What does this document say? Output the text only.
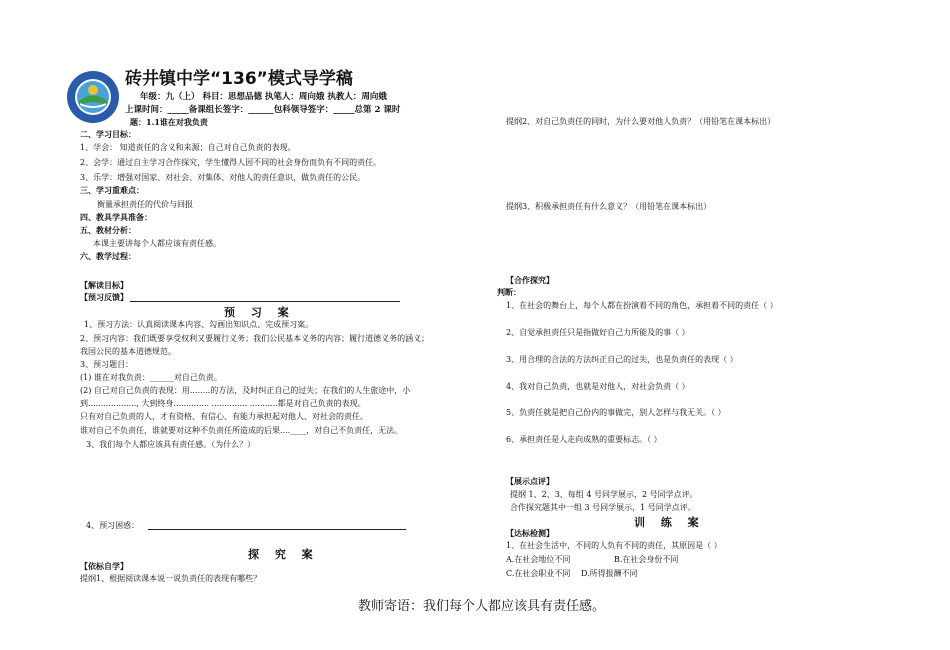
砖井镇中学“136”模式导学稿
年级：九（上） 科目：思想品德 执笔人：周向娥 执教人：周向娥
上课时间：_____备课组长签字：______包科领导签字：_____总第 2 课时
题：1.1谁在对我负责
二、学习目标：
1、学会： 知道责任的含义和来源；自己对自己负责的表现。
2、会学：通过自主学习合作探究，学生懂得人因不同的社会身份而负有不同的责任。
3、乐学：增强对国家、对社会、对集体、对他人的责任意识，做负责任的公民。
三、学习重难点：
衡量承担责任的代价与回报
四、教具学具准备：
五、教材分析：
本课主要讲每个人都应该有责任感。
六、教学过程：
【解读目标】
【预习反馈】
预 习 案
1、预习方法：认真阅读课本内容、勾画出知识点、完成预习案。
2、预习内容：我们既要享受权利又要履行义务；我们公民基本义务的内容；履行道德义务的涵义；
我国公民的基本道德规范。
3、预习题目：
(1) 谁在对我负责：______对自己负责。
(2) 自己对自己负责的表现：用........的方法，及时纠正自己的过失；在我们的人生旅途中，小
到..................., 大到终身.............. .............. ...........都是对自己负责的表现。
只有对自己负责的人，才有资格、有信心、有能力承担起对他人、对社会的责任。
谁对自己不负责任，谁就要对这种不负责任所造成的后果....____，对自己不负责任，无法。
3、我们每个人都应该具有责任感。（为什么？）
4、预习困惑：
探 究 案
【依标自学】
提纲1、根据阅读课本说一说负责任的表现有哪些？
提纲2、对自己负责任的同时，为什么要对他人负责？（用铅笔在课本标出）
提纲3、积极承担责任有什么意义？（用铅笔在课本标出）
【合作探究】
判断：
1、在社会的舞台上，每个人都在扮演着不同的角色，承担着不同的责任（ ）
2、自觉承担责任只是指做好自己力所能及的事（ ）
3、用合理的合法的方法纠正自己的过失，也是负责任的表现（ ）
4、我对自己负责，也就是对他人，对社会负责（ ）
5、负责任就是把自己份内的事做完，别人怎样与我无关。（ ）
6、承担责任是人走向成熟的重要标志。（ ）
【展示点评】
提纲 1、2、3、每组 4 号同学展示，2 号同学点评。
合作探究题其中一组 3 号同学展示，1 号同学点评。
训 练 案
【达标检测】
1、在社会生活中，不同的人负有不同的责任，其原因是（ ）
A.在社会地位不同	B.在社会身份不同
C.在社会职业不同 D.所得报酬不同
教师寄语：我们每个人都应该具有责任感。
